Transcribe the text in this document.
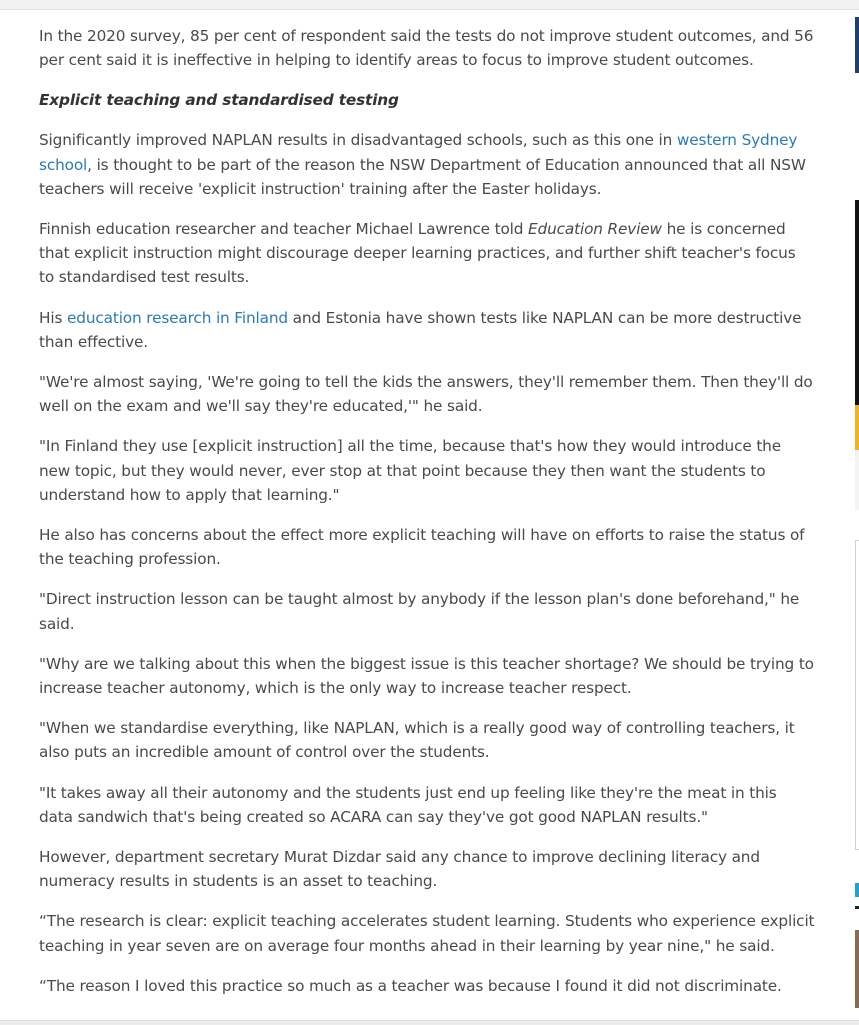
In the 2020 survey, 85 per cent of respondent said the tests do not improve student outcomes, and 56 per cent said it is ineffective in helping to identify areas to focus to improve student outcomes.

Explicit teaching and standardised testing

Significantly improved NAPLAN results in disadvantaged schools, such as this one in western Sydney school, is thought to be part of the reason the NSW Department of Education announced that all NSW teachers will receive 'explicit instruction' training after the Easter holidays.

Finnish education researcher and teacher Michael Lawrence told Education Review he is concerned that explicit instruction might discourage deeper learning practices, and further shift teacher's focus to standardised test results.

His education research in Finland and Estonia have shown tests like NAPLAN can be more destructive than effective.

"We're almost saying, 'We're going to tell the kids the answers, they'll remember them. Then they'll do well on the exam and we'll say they're educated,'" he said.

"In Finland they use [explicit instruction] all the time, because that's how they would introduce the new topic, but they would never, ever stop at that point because they then want the students to understand how to apply that learning."

He also has concerns about the effect more explicit teaching will have on efforts to raise the status of the teaching profession.

"Direct instruction lesson can be taught almost by anybody if the lesson plan's done beforehand," he said.

"Why are we talking about this when the biggest issue is this teacher shortage? We should be trying to increase teacher autonomy, which is the only way to increase teacher respect.

"When we standardise everything, like NAPLAN, which is a really good way of controlling teachers, it also puts an incredible amount of control over the students.

"It takes away all their autonomy and the students just end up feeling like they're the meat in this data sandwich that's being created so ACARA can say they've got good NAPLAN results."

However, department secretary Murat Dizdar said any chance to improve declining literacy and numeracy results in students is an asset to teaching.

“The research is clear: explicit teaching accelerates student learning. Students who experience explicit teaching in year seven are on average four months ahead in their learning by year nine," he said.

“The reason I loved this practice so much as a teacher was because I found it did not discriminate.
